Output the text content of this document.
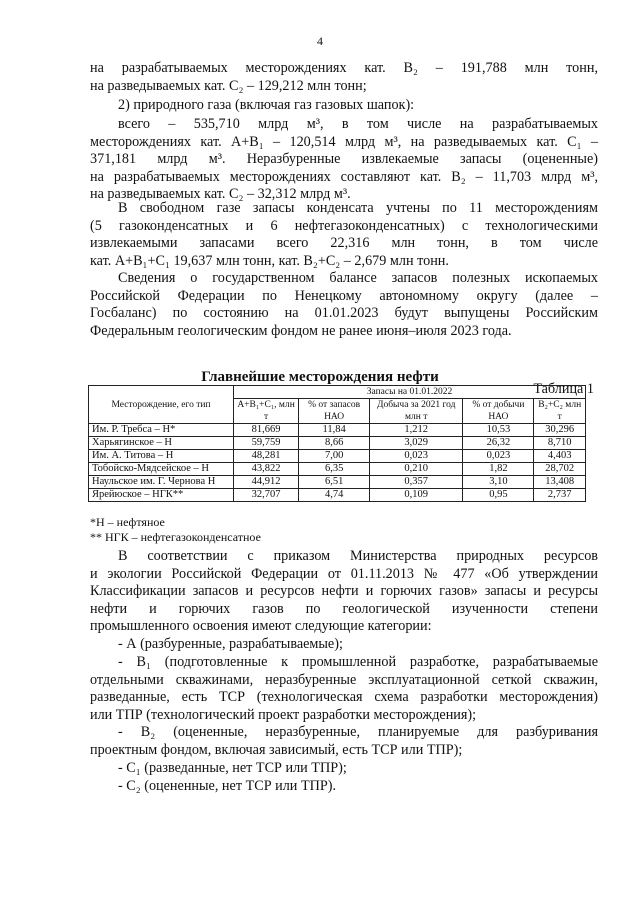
4

на разрабатываемых месторождениях кат. В₂ – 191,788 млн тонн,
на разведываемых кат. С₂ – 129,212 млн тонн;

2) природного газа (включая газ газовых шапок):

всего – 535,710 млрд м³, в том числе на разрабатываемых
месторождениях кат. А+В₁ – 120,514 млрд м³, на разведываемых кат. С₁ –
371,181 млрд м³. Неразбуренные извлекаемые запасы (оцененные)
на разрабатываемых месторождениях составляют кат. В₂ – 11,703 млрд м³,
на разведываемых кат. С₂ – 32,312 млрд м³.

В свободном газе запасы конденсата учтены по 11 месторождениям
(5 газоконденсатных и 6 нефтегазоконденсатных) с технологическими
извлекаемыми запасами всего 22,316 млн тонн, в том числе
кат. А+В₁+С₁ 19,637 млн тонн, кат. В₂+С₂ – 2,679 млн тонн.

Сведения о государственном балансе запасов полезных ископаемых
Российской Федерации по Ненецкому автономному округу (далее –
Госбаланс) по состоянию на 01.01.2023 будут выпущены Российским
Федеральным геологическим фондом не ранее июня–июля 2023 года.

Таблица 1
Главнейшие месторождения нефти
Месторождение, его тип	Запасы на 01.01.2022				
	А+В₁+С₁, млн т	% от запасов НАО	Добыча за 2021 год млн т	% от добычи НАО	В₂+С₂ млн т
Им. Р. Требса – Н*	81,669	11,84	1,212	10,53	30,296
Харьягинское – Н	59,759	8,66	3,029	26,32	8,710
Им. А. Титова – Н	48,281	7,00	0,023	0,023	4,403
Тобойско-Мядсейское – Н	43,822	6,35	0,210	1,82	28,702
Наульское им. Г. Чернова Н	44,912	6,51	0,357	3,10	13,408
Ярейюское – НГК**	32,707	4,74	0,109	0,95	2,737
*Н – нефтяное
** НГК – нефтегазоконденсатное

В соответствии с приказом Министерства природных ресурсов
и экологии Российской Федерации от 01.11.2013 № 477 «Об утверждении
Классификации запасов и ресурсов нефти и горючих газов» запасы и ресурсы
нефти и горючих газов по геологической изученности степени
промышленного освоения имеют следующие категории:

- А (разбуренные, разрабатываемые);

- В₁ (подготовленные к промышленной разработке, разрабатываемые
отдельными скважинами, неразбуренные эксплуатационной сеткой скважин,
разведанные, есть ТСР (технологическая схема разработки месторождения)
или ТПР (технологический проект разработки месторождения);

- В₂ (оцененные, неразбуренные, планируемые для разбуривания
проектным фондом, включая зависимый, есть ТСР или ТПР);

- С₁ (разведанные, нет ТСР или ТПР);

- С₂ (оцененные, нет ТСР или ТПР).
